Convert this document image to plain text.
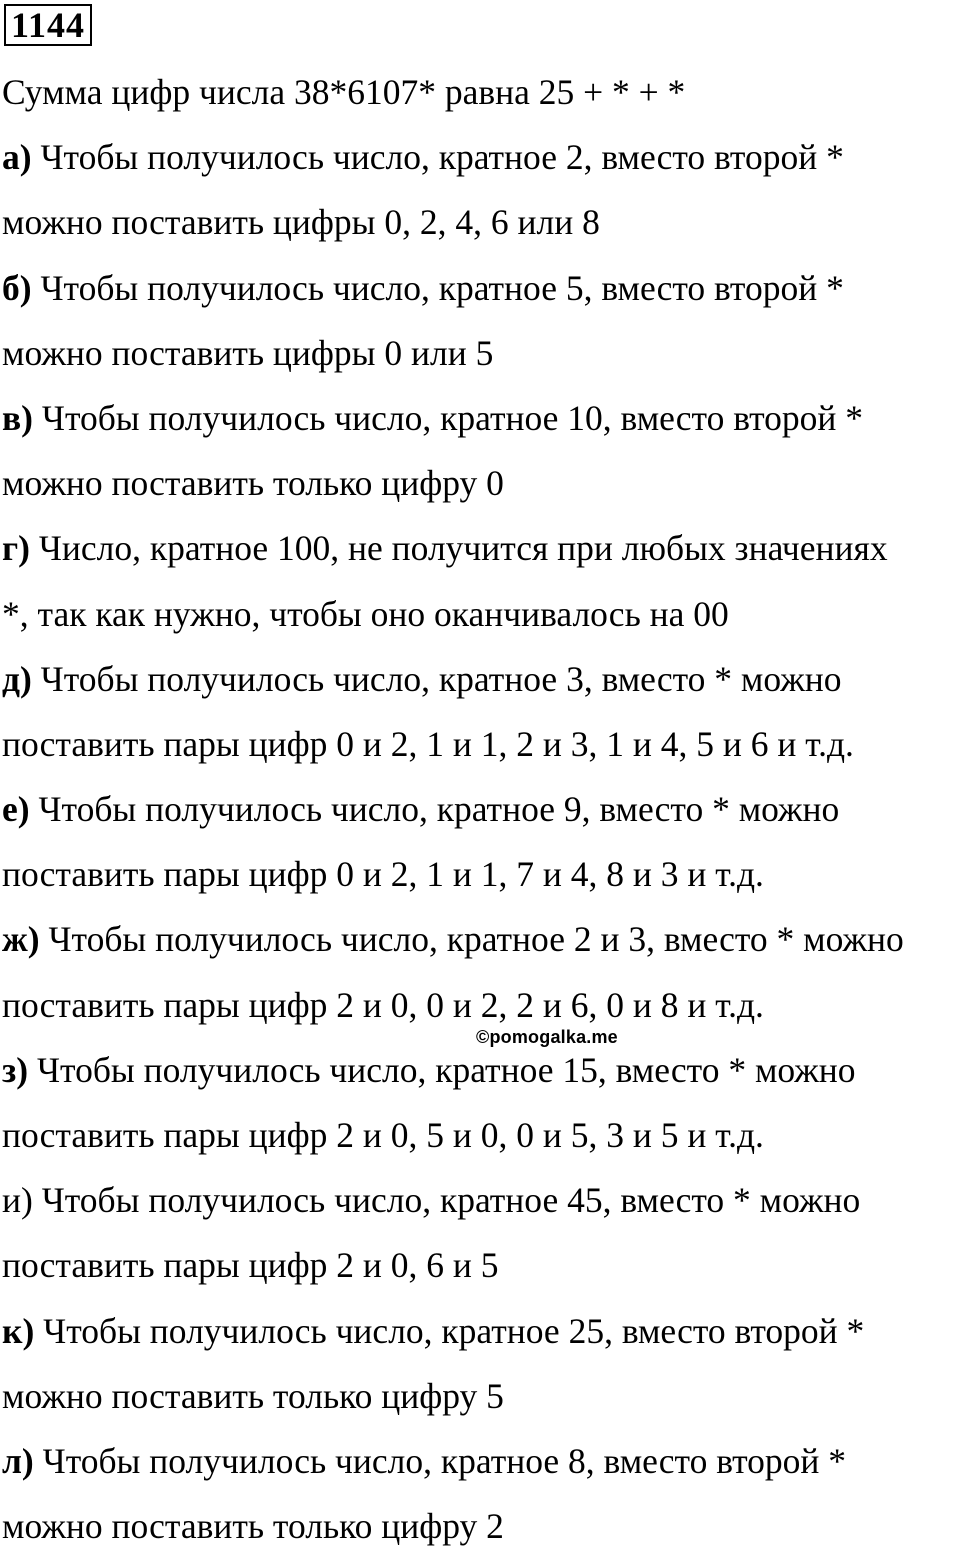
1144
Сумма цифр числа 38*6107* равна 25 + * + *
а) Чтобы получилось число, кратное 2, вместо второй *
можно поставить цифры 0, 2, 4, 6 или 8
б) Чтобы получилось число, кратное 5, вместо второй *
можно поставить цифры 0 или 5
в) Чтобы получилось число, кратное 10, вместо второй *
можно поставить только цифру 0
г) Число, кратное 100, не получится при любых значениях
*, так как нужно, чтобы оно оканчивалось на 00
д) Чтобы получилось число, кратное 3, вместо * можно
поставить пары цифр 0 и 2, 1 и 1, 2 и 3, 1 и 4, 5 и 6 и т.д.
е) Чтобы получилось число, кратное 9, вместо * можно
поставить пары цифр 0 и 2, 1 и 1, 7 и 4, 8 и 3 и т.д.
ж) Чтобы получилось число, кратное 2 и 3, вместо * можно
поставить пары цифр 2 и 0, 0 и 2, 2 и 6, 0 и 8 и т.д.
з) Чтобы получилось число, кратное 15, вместо * можно
поставить пары цифр 2 и 0, 5 и 0, 0 и 5, 3 и 5 и т.д.
и) Чтобы получилось число, кратное 45, вместо * можно
поставить пары цифр 2 и 0, 6 и 5
к) Чтобы получилось число, кратное 25, вместо второй *
можно поставить только цифру 5
л) Чтобы получилось число, кратное 8, вместо второй *
можно поставить только цифру 2
©pomogalka.me
